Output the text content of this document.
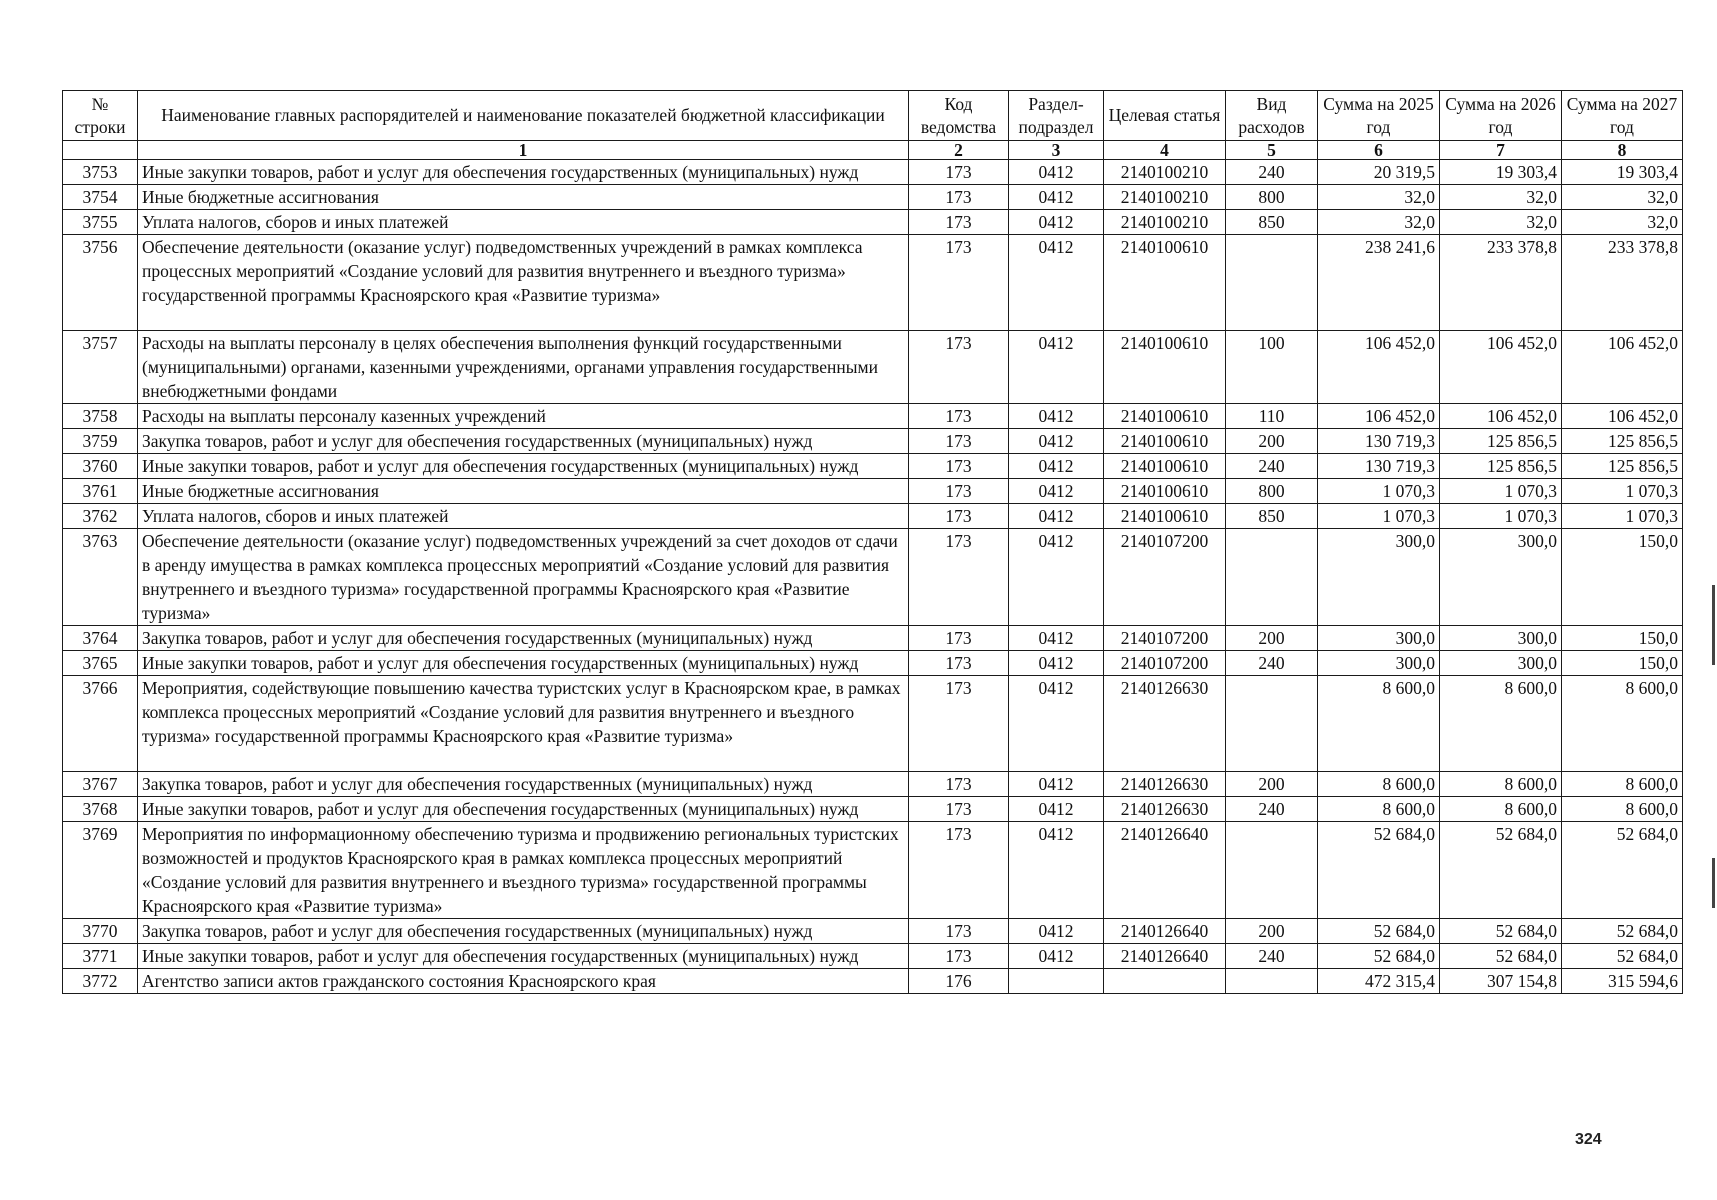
№ строки	Наименование главных распорядителей и наименование показателей бюджетной классификации	Код ведомства	Раздел- подраздел	Целевая статья	Вид расходов	Сумма на 2025 год	Сумма на 2026 год	Сумма на 2027 год
	1	2	3	4	5	6	7	8
3753	Иные закупки товаров, работ и услуг для обеспечения государственных (муниципальных) нужд	173	0412	2140100210	240	20 319,5	19 303,4	19 303,4
3754	Иные бюджетные ассигнования	173	0412	2140100210	800	32,0	32,0	32,0
3755	Уплата налогов, сборов и иных платежей	173	0412	2140100210	850	32,0	32,0	32,0
3756	Обеспечение деятельности (оказание услуг) подведомственных учреждений в рамках комплекса процессных мероприятий «Создание условий для развития внутреннего и въездного туризма» государственной программы Красноярского края «Развитие туризма»	173	0412	2140100610		238 241,6	233 378,8	233 378,8
3757	Расходы на выплаты персоналу в целях обеспечения выполнения функций государственными (муниципальными) органами, казенными учреждениями, органами управления государственными внебюджетными фондами	173	0412	2140100610	100	106 452,0	106 452,0	106 452,0
3758	Расходы на выплаты персоналу казенных учреждений	173	0412	2140100610	110	106 452,0	106 452,0	106 452,0
3759	Закупка товаров, работ и услуг для обеспечения государственных (муниципальных) нужд	173	0412	2140100610	200	130 719,3	125 856,5	125 856,5
3760	Иные закупки товаров, работ и услуг для обеспечения государственных (муниципальных) нужд	173	0412	2140100610	240	130 719,3	125 856,5	125 856,5
3761	Иные бюджетные ассигнования	173	0412	2140100610	800	1 070,3	1 070,3	1 070,3
3762	Уплата налогов, сборов и иных платежей	173	0412	2140100610	850	1 070,3	1 070,3	1 070,3
3763	Обеспечение деятельности (оказание услуг) подведомственных учреждений за счет доходов от сдачи в аренду имущества в рамках комплекса процессных мероприятий «Создание условий для развития внутреннего и въездного туризма» государственной программы Красноярского края «Развитие туризма»	173	0412	2140107200		300,0	300,0	150,0
3764	Закупка товаров, работ и услуг для обеспечения государственных (муниципальных) нужд	173	0412	2140107200	200	300,0	300,0	150,0
3765	Иные закупки товаров, работ и услуг для обеспечения государственных (муниципальных) нужд	173	0412	2140107200	240	300,0	300,0	150,0
3766	Мероприятия, содействующие повышению качества туристских услуг в Красноярском крае, в рамках комплекса процессных мероприятий «Создание условий для развития внутреннего и въездного туризма» государственной программы Красноярского края «Развитие туризма»	173	0412	2140126630		8 600,0	8 600,0	8 600,0
3767	Закупка товаров, работ и услуг для обеспечения государственных (муниципальных) нужд	173	0412	2140126630	200	8 600,0	8 600,0	8 600,0
3768	Иные закупки товаров, работ и услуг для обеспечения государственных (муниципальных) нужд	173	0412	2140126630	240	8 600,0	8 600,0	8 600,0
3769	Мероприятия по информационному обеспечению туризма и продвижению региональных туристских возможностей и продуктов Красноярского края в рамках комплекса процессных мероприятий «Создание условий для развития внутреннего и въездного туризма» государственной программы Красноярского края «Развитие туризма»	173	0412	2140126640		52 684,0	52 684,0	52 684,0
3770	Закупка товаров, работ и услуг для обеспечения государственных (муниципальных) нужд	173	0412	2140126640	200	52 684,0	52 684,0	52 684,0
3771	Иные закупки товаров, работ и услуг для обеспечения государственных (муниципальных) нужд	173	0412	2140126640	240	52 684,0	52 684,0	52 684,0
3772	Агентство записи актов гражданского состояния Красноярского края	176				472 315,4	307 154,8	315 594,6
324
